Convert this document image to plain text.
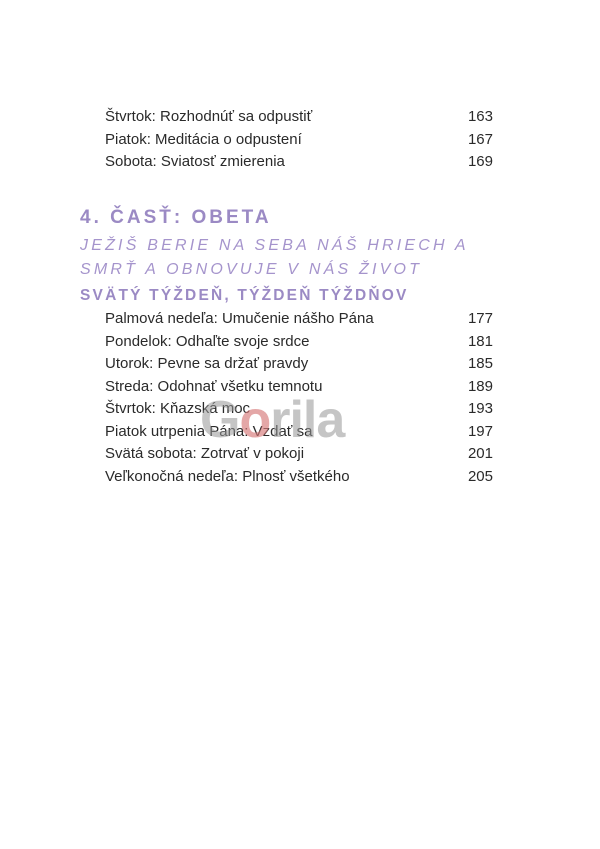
Štvrtok: Rozhodnúť sa odpustiť	163
Piatok: Meditácia o odpustení	167
Sobota: Sviatosť zmierenia	169
4. ČASŤ: OBETA

JEŽIŠ BERIE NA SEBA NÁŠ HRIECH A SMRŤ A OBNOVUJE V NÁS ŽIVOT

SVÄTÝ TÝŽDEŇ, TÝŽDEŇ TÝŽDŇOV
Palmová nedeľa: Umučenie nášho Pána	177
Pondelok: Odhaľte svoje srdce	181
Utorok: Pevne sa držať pravdy	185
Streda: Odohnať všetku temnotu	189
Štvrtok: Kňazská moc	193
Piatok utrpenia Pána: Vzdať sa	197
Svätá sobota: Zotrvať v pokoji	201
Veľkonočná nedeľa: Plnosť všetkého	205
Gorila
